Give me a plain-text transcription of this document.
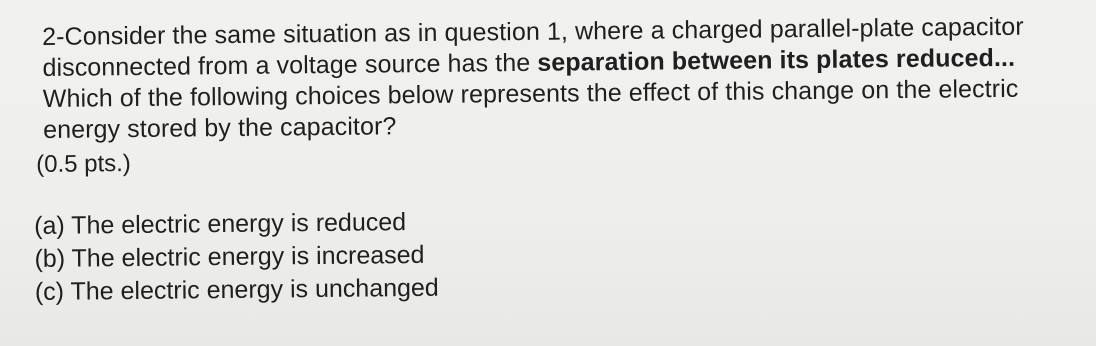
2-Consider the same situation as in question 1, where a charged parallel-plate capacitor disconnected from a voltage source has the separation between its plates reduced... Which of the following choices below represents the effect of this change on the electric energy stored by the capacitor?

(0.5 pts.)
(a) The electric energy is reduced
(b) The electric energy is increased
(c) The electric energy is unchanged
